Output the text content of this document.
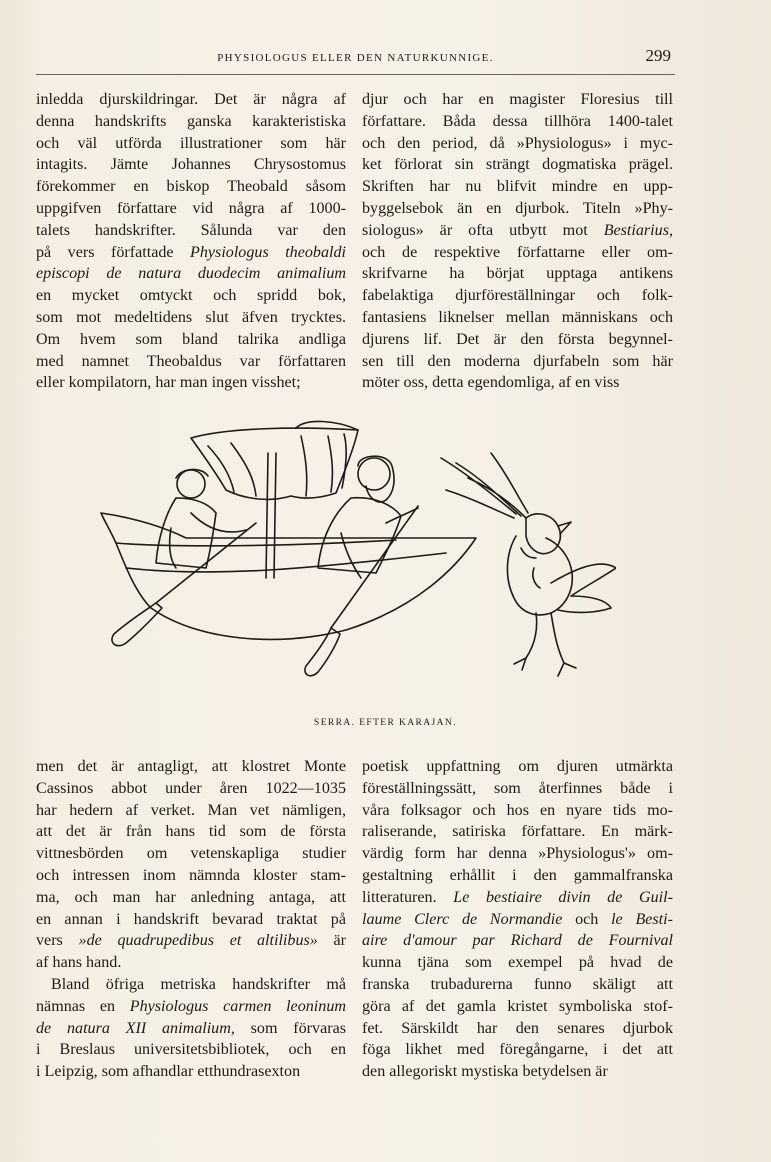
PHYSIOLOGUS ELLER DEN NATURKUNNIGE.	299
inledda djurskildringar. Det är några af
denna handskrifts ganska karakteristiska
och väl utförda illustrationer som här
intagits. Jämte Johannes Chrysostomus
förekommer en biskop Theobald såsom
uppgifven författare vid några af 1000-
talets handskrifter. Sålunda var den
på vers författade Physiologus theobaldi
episcopi de natura duodecim animalium
en mycket omtyckt och spridd bok,
som mot medeltidens slut äfven trycktes.
Om hvem som bland talrika andliga
med namnet Theobaldus var författaren
eller kompilatorn, har man ingen visshet;
djur och har en magister Floresius till
författare. Båda dessa tillhöra 1400-talet
och den period, då »Physiologus» i myc-
ket förlorat sin strängt dogmatiska prägel.
Skriften har nu blifvit mindre en upp-
byggelsebok än en djurbok. Titeln »Phy-
siologus» är ofta utbytt mot Bestiarius,
och de respektive författarne eller om-
skrifvarne ha börjat upptaga antikens
fabelaktiga djurföreställningar och folk-
fantasiens liknelser mellan människans och
djurens lif. Det är den första begynnel-
sen till den moderna djurfabeln som här
möter oss, detta egendomliga, af en viss
SERRA. EFTER KARAJAN.
men det är antagligt, att klostret Monte
Cassinos abbot under åren 1022—1035
har hedern af verket. Man vet nämligen,
att det är från hans tid som de första
vittnesbörden om vetenskapliga studier
och intressen inom nämnda kloster stam-
ma, och man har anledning antaga, att
en annan i handskrift bevarad traktat på
vers »de quadrupedibus et altilibus» är
af hans hand.
Bland öfriga metriska handskrifter må
nämnas en Physiologus carmen leoninum
de natura XII animalium, som förvaras
i Breslaus universitetsbibliotek, och en
i Leipzig, som afhandlar etthundrasexton
poetisk uppfattning om djuren utmärkta
föreställningssätt, som återfinnes både i
våra folksagor och hos en nyare tids mo-
raliserande, satiriska författare. En märk-
värdig form har denna »Physiologus'» om-
gestaltning erhållit i den gammalfranska
litteraturen. Le bestiaire divin de Guil-
laume Clerc de Normandie och le Besti-
aire d'amour par Richard de Fournival
kunna tjäna som exempel på hvad de
franska trubadurerna funno skäligt att
göra af det gamla kristet symboliska stof-
fet. Särskildt har den senares djurbok
föga likhet med föregångarne, i det att
den allegoriskt mystiska betydelsen är
